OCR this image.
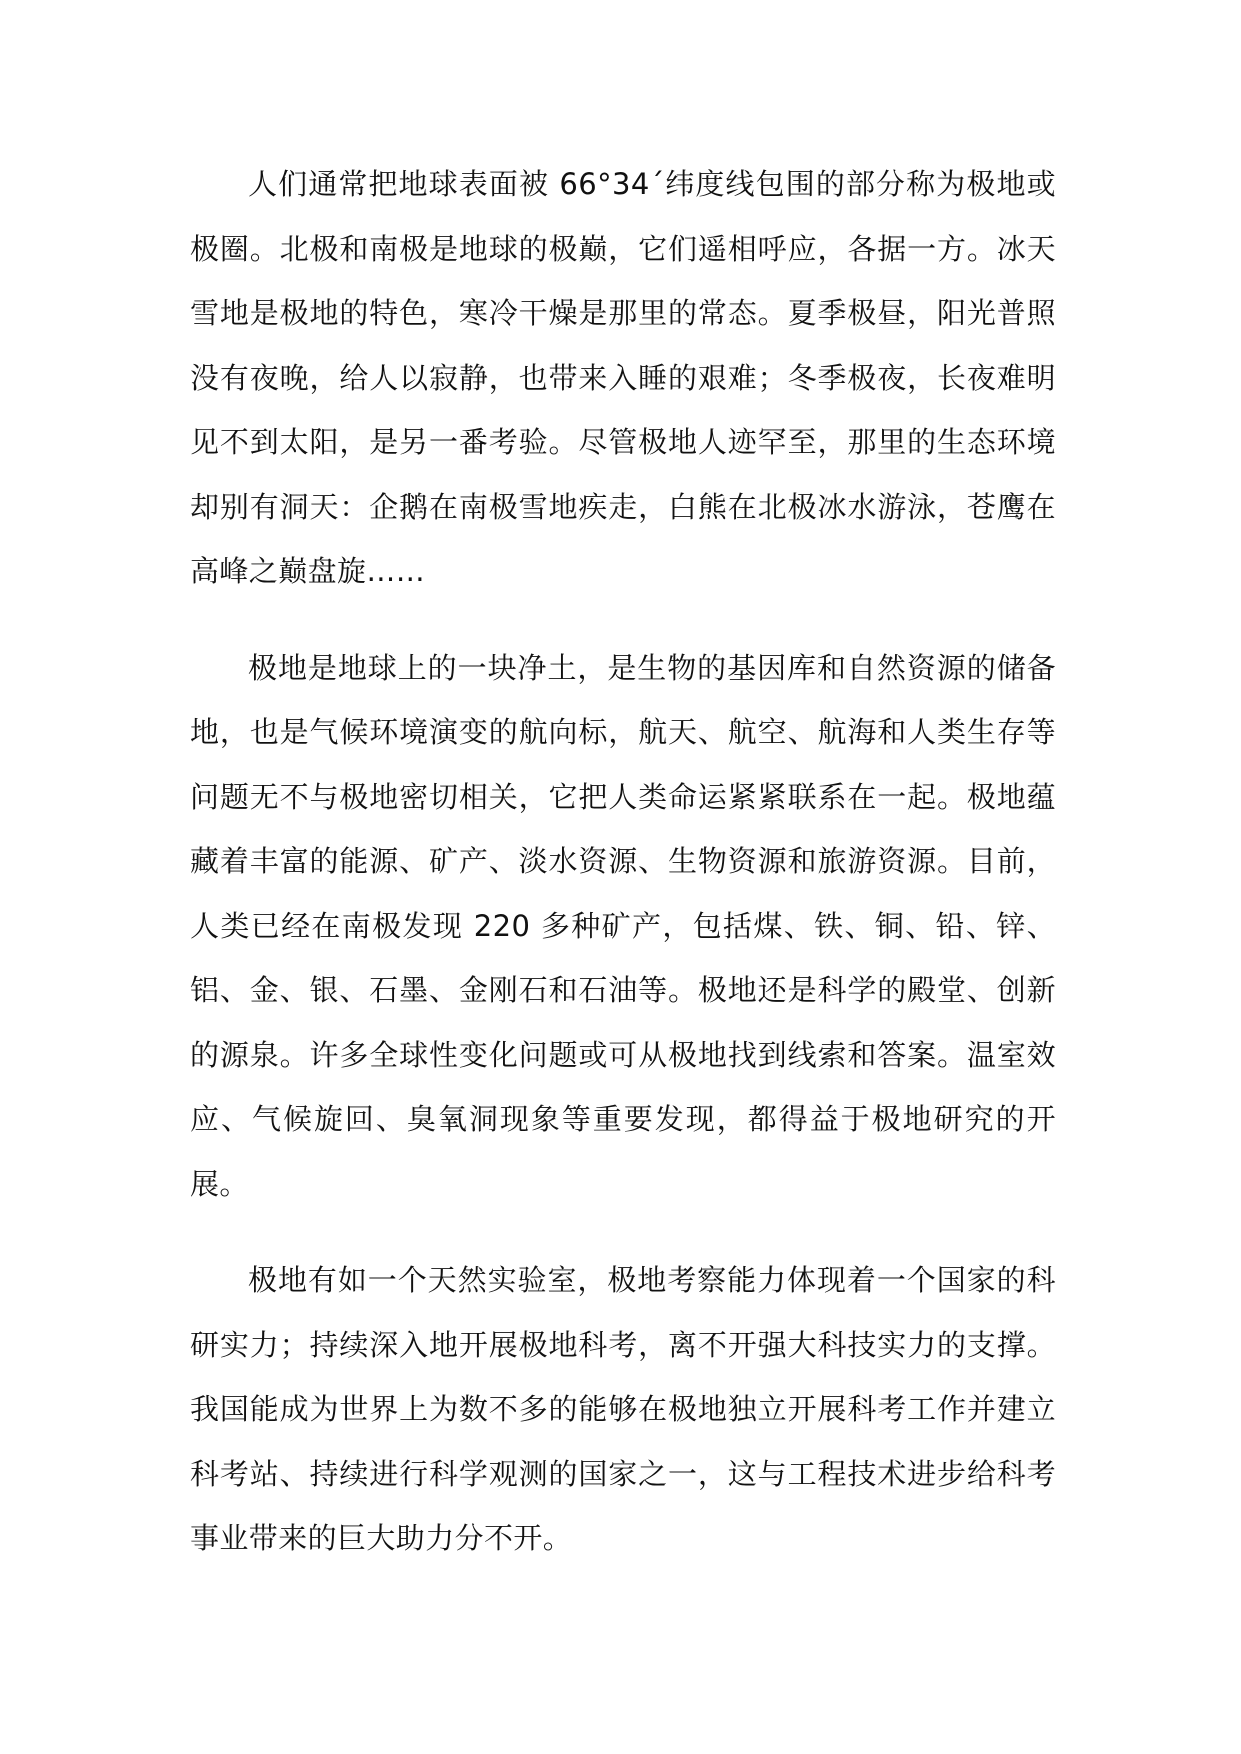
人们通常把地球表面被 66°34´纬度线包围的部分称为极地或极圈。北极和南极是地球的极巅，它们遥相呼应，各据一方。冰天雪地是极地的特色，寒冷干燥是那里的常态。夏季极昼，阳光普照没有夜晚，给人以寂静，也带来入睡的艰难；冬季极夜，长夜难明见不到太阳，是另一番考验。尽管极地人迹罕至，那里的生态环境却别有洞天：企鹅在南极雪地疾走，白熊在北极冰水游泳，苍鹰在高峰之巅盘旋……

极地是地球上的一块净土，是生物的基因库和自然资源的储备地，也是气候环境演变的航向标，航天、航空、航海和人类生存等问题无不与极地密切相关，它把人类命运紧紧联系在一起。极地蕴藏着丰富的能源、矿产、淡水资源、生物资源和旅游资源。目前，人类已经在南极发现 220 多种矿产，包括煤、铁、铜、铅、锌、铝、金、银、石墨、金刚石和石油等。极地还是科学的殿堂、创新的源泉。许多全球性变化问题或可从极地找到线索和答案。温室效应、气候旋回、臭氧洞现象等重要发现，都得益于极地研究的开展。

极地有如一个天然实验室，极地考察能力体现着一个国家的科研实力；持续深入地开展极地科考，离不开强大科技实力的支撑。我国能成为世界上为数不多的能够在极地独立开展科考工作并建立科考站、持续进行科学观测的国家之一，这与工程技术进步给科考事业带来的巨大助力分不开。
